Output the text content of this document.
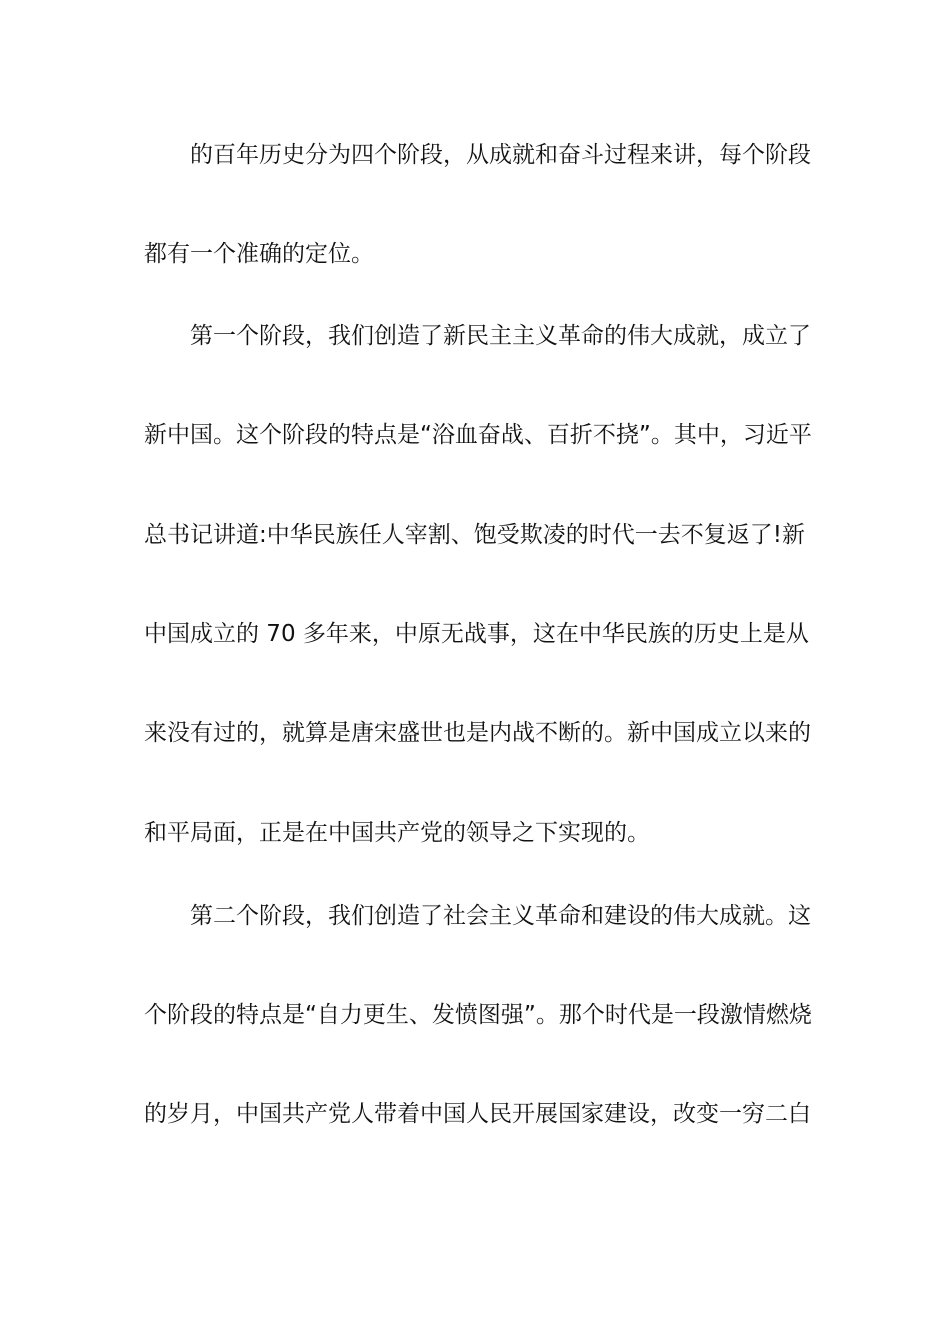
的百年历史分为四个阶段，从成就和奋斗过程来讲，每个阶段
都有一个准确的定位。
第一个阶段，我们创造了新民主主义革命的伟大成就，成立了
新中国。这个阶段的特点是“浴血奋战、百折不挠”。其中，习近平
总书记讲道:中华民族任人宰割、饱受欺凌的时代一去不复返了!新
中国成立的 70 多年来，中原无战事，这在中华民族的历史上是从
来没有过的，就算是唐宋盛世也是内战不断的。新中国成立以来的
和平局面，正是在中国共产党的领导之下实现的。
第二个阶段，我们创造了社会主义革命和建设的伟大成就。这
个阶段的特点是“自力更生、发愤图强”。那个时代是一段激情燃烧
的岁月，中国共产党人带着中国人民开展国家建设，改变一穷二白
